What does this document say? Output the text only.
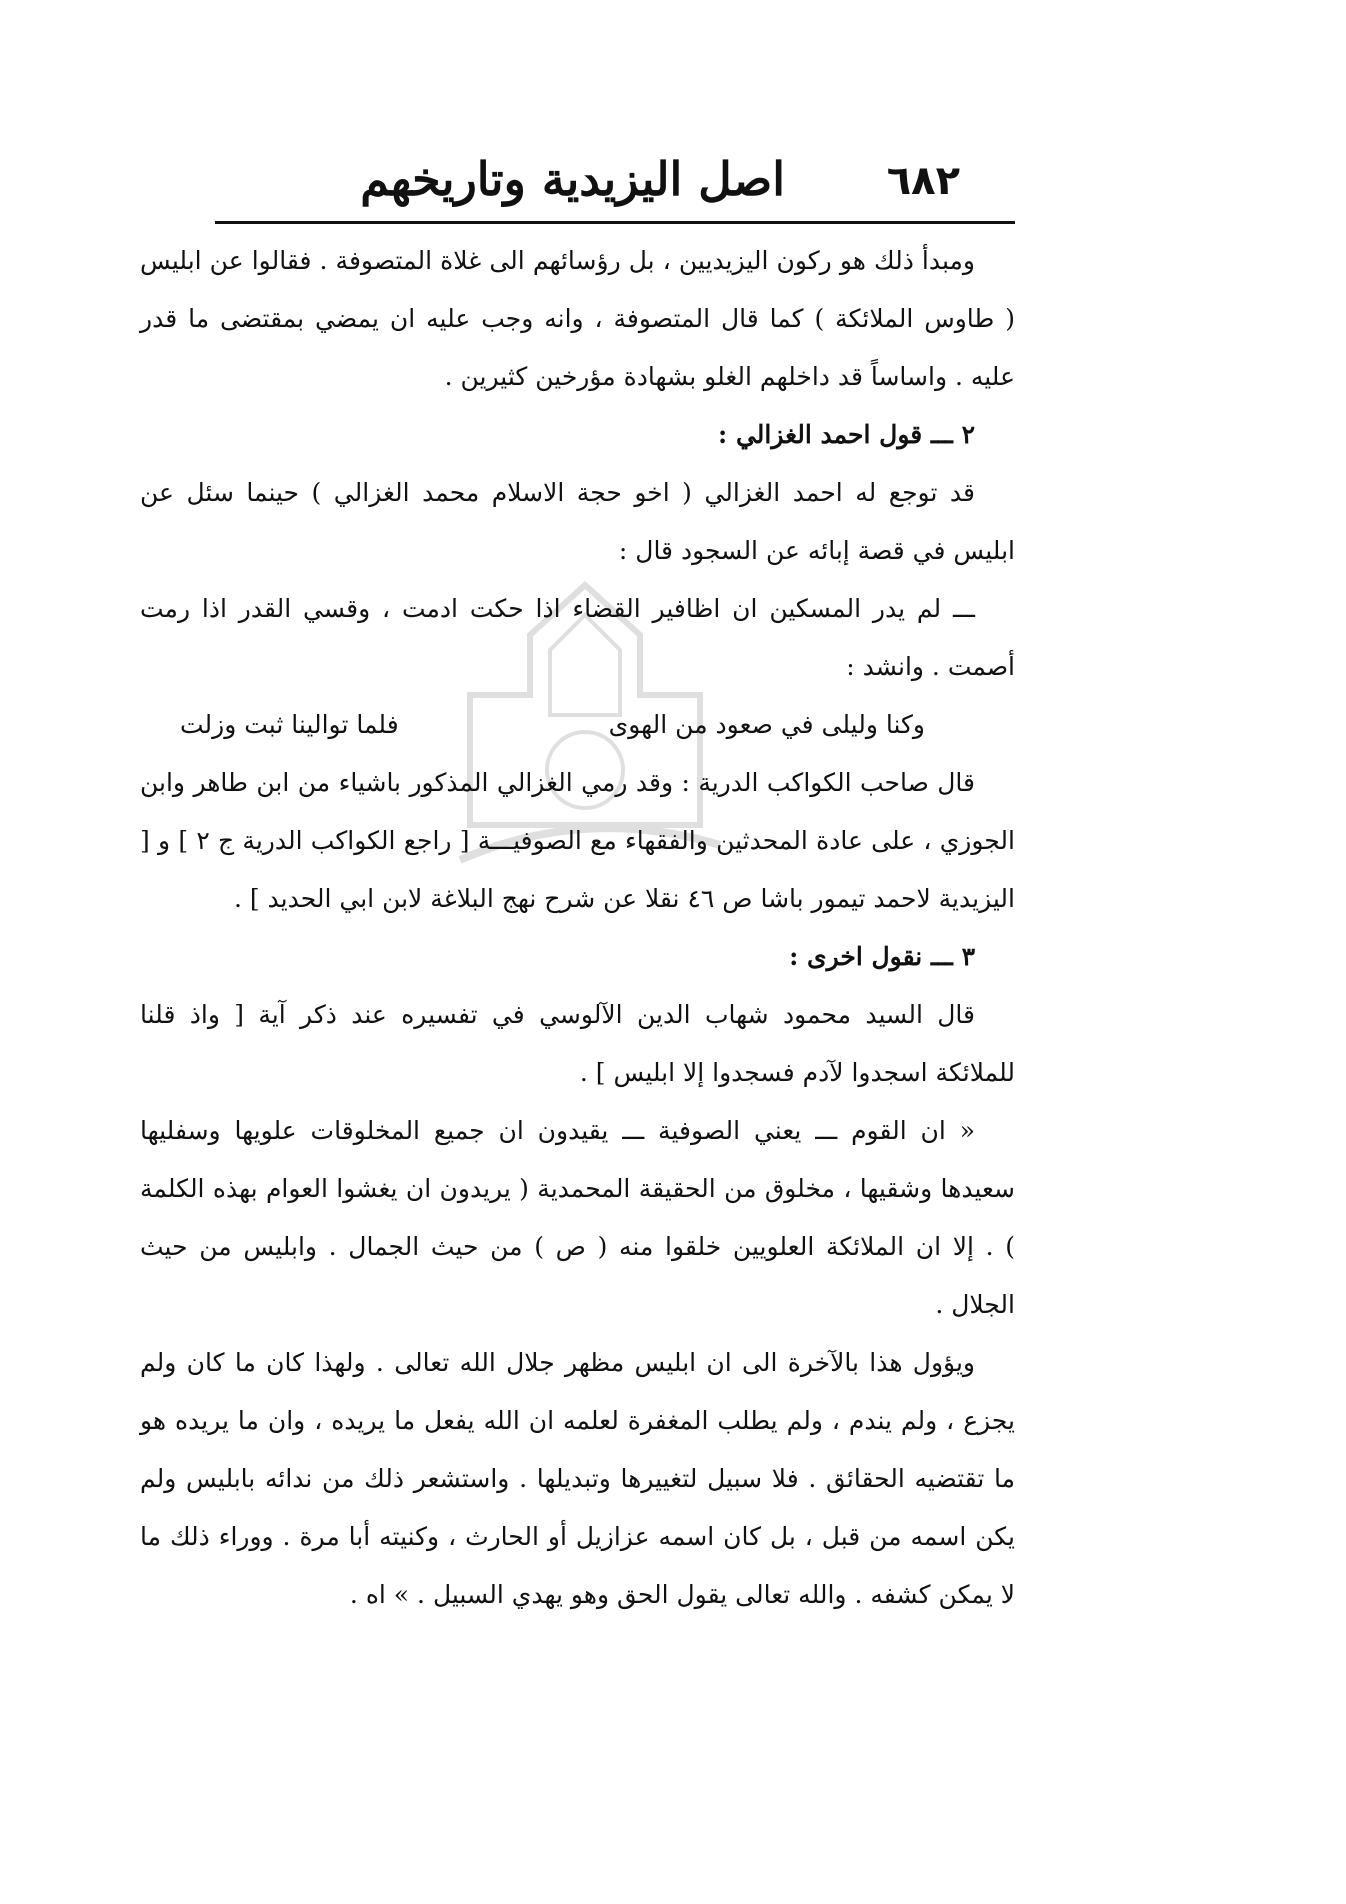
٦٨٢
اصل اليزيدية وتاريخهم

ومبدأ ذلك هو ركون اليزيديين ، بل رؤسائهم الى غلاة المتصوفة . فقالوا عن ابليس ( طاوس الملائكة ) كما قال المتصوفة ، وانه وجب عليه ان يمضي بمقتضى ما قدر عليه . واساساً قد داخلهم الغلو بشهادة مؤرخين كثيرين .

٢ ـــ قول احمد الغزالي :

قد توجع له احمد الغزالي ( اخو حجة الاسلام محمد الغزالي ) حينما سئل عن ابليس في قصة إبائه عن السجود قال :

ـــ لم يدر المسكين ان اظافير القضاء اذا حكت ادمت ، وقسي القدر اذا رمت أصمت . وانشد :

وكنا وليلى في صعود من الهوى
فلما توالينا ثبت وزلت

قال صاحب الكواكب الدرية : وقد رمي الغزالي المذكور باشياء من ابن طاهر وابن الجوزي ، على عادة المحدثين والفقهاء مع الصوفيـــة [ راجع الكواكب الدرية ج ٢ ] و [ اليزيدية لاحمد تيمور باشا ص ٤٦ نقلا عن شرح نهج البلاغة لابن ابي الحديد ] .

٣ ـــ نقول اخرى :

قال السيد محمود شهاب الدين الآلوسي في تفسيره عند ذكر آية [ واذ قلنا للملائكة اسجدوا لآدم فسجدوا إلا ابليس ] .

« ان القوم ـــ يعني الصوفية ـــ يقيدون ان جميع المخلوقات علويها وسفليها سعيدها وشقيها ، مخلوق من الحقيقة المحمدية ( يريدون ان يغشوا العوام بهذه الكلمة ) . إلا ان الملائكة العلويين خلقوا منه ( ص ) من حيث الجمال . وابليس من حيث الجلال .

ويؤول هذا بالآخرة الى ان ابليس مظهر جلال الله تعالى . ولهذا كان ما كان ولم يجزع ، ولم يندم ، ولم يطلب المغفرة لعلمه ان الله يفعل ما يريده ، وان ما يريده هو ما تقتضيه الحقائق . فلا سبيل لتغييرها وتبديلها . واستشعر ذلك من ندائه بابليس ولم يكن اسمه من قبل ، بل كان اسمه عزازيل أو الحارث ، وكنيته أبا مرة . ووراء ذلك ما لا يمكن كشفه . والله تعالى يقول الحق وهو يهدي السبيل . » اه .
